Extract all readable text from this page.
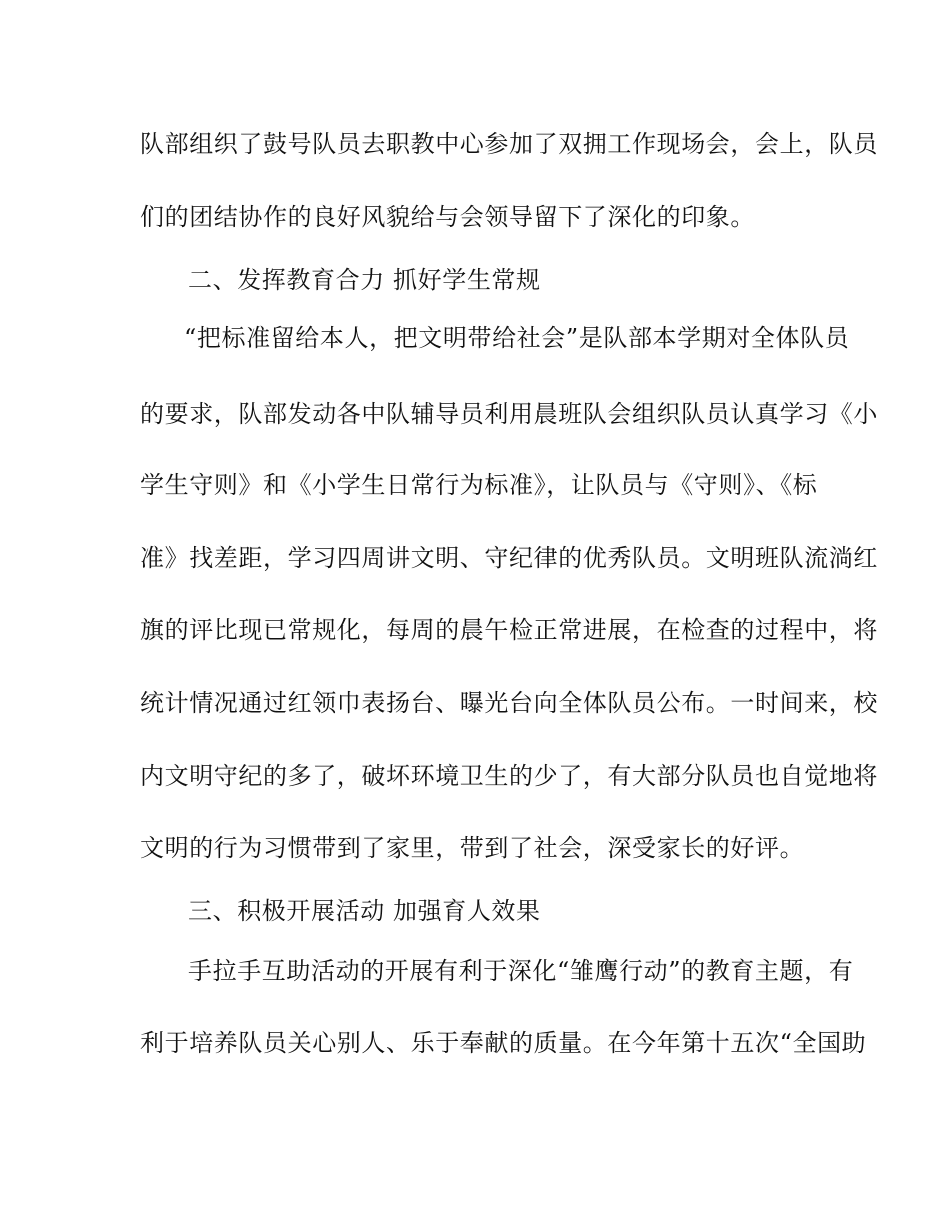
队部组织了鼓号队员去职教中心参加了双拥工作现场会，会上，队员
们的团结协作的良好风貌给与会领导留下了深化的印象。
二、发挥教育合力 抓好学生常规
“把标准留给本人，把文明带给社会”是队部本学期对全体队员
的要求，队部发动各中队辅导员利用晨班队会组织队员认真学习《小
学生守则》和《小学生日常行为标准》，让队员与《守则》、《标
准》找差距，学习四周讲文明、守纪律的优秀队员。文明班队流淌红
旗的评比现已常规化，每周的晨午检正常进展，在检查的过程中，将
统计情况通过红领巾表扬台、曝光台向全体队员公布。一时间来，校
内文明守纪的多了，破坏环境卫生的少了，有大部分队员也自觉地将
文明的行为习惯带到了家里，带到了社会，深受家长的好评。
三、积极开展活动 加强育人效果
手拉手互助活动的开展有利于深化“雏鹰行动”的教育主题，有
利于培养队员关心别人、乐于奉献的质量。在今年第十五次“全国助
